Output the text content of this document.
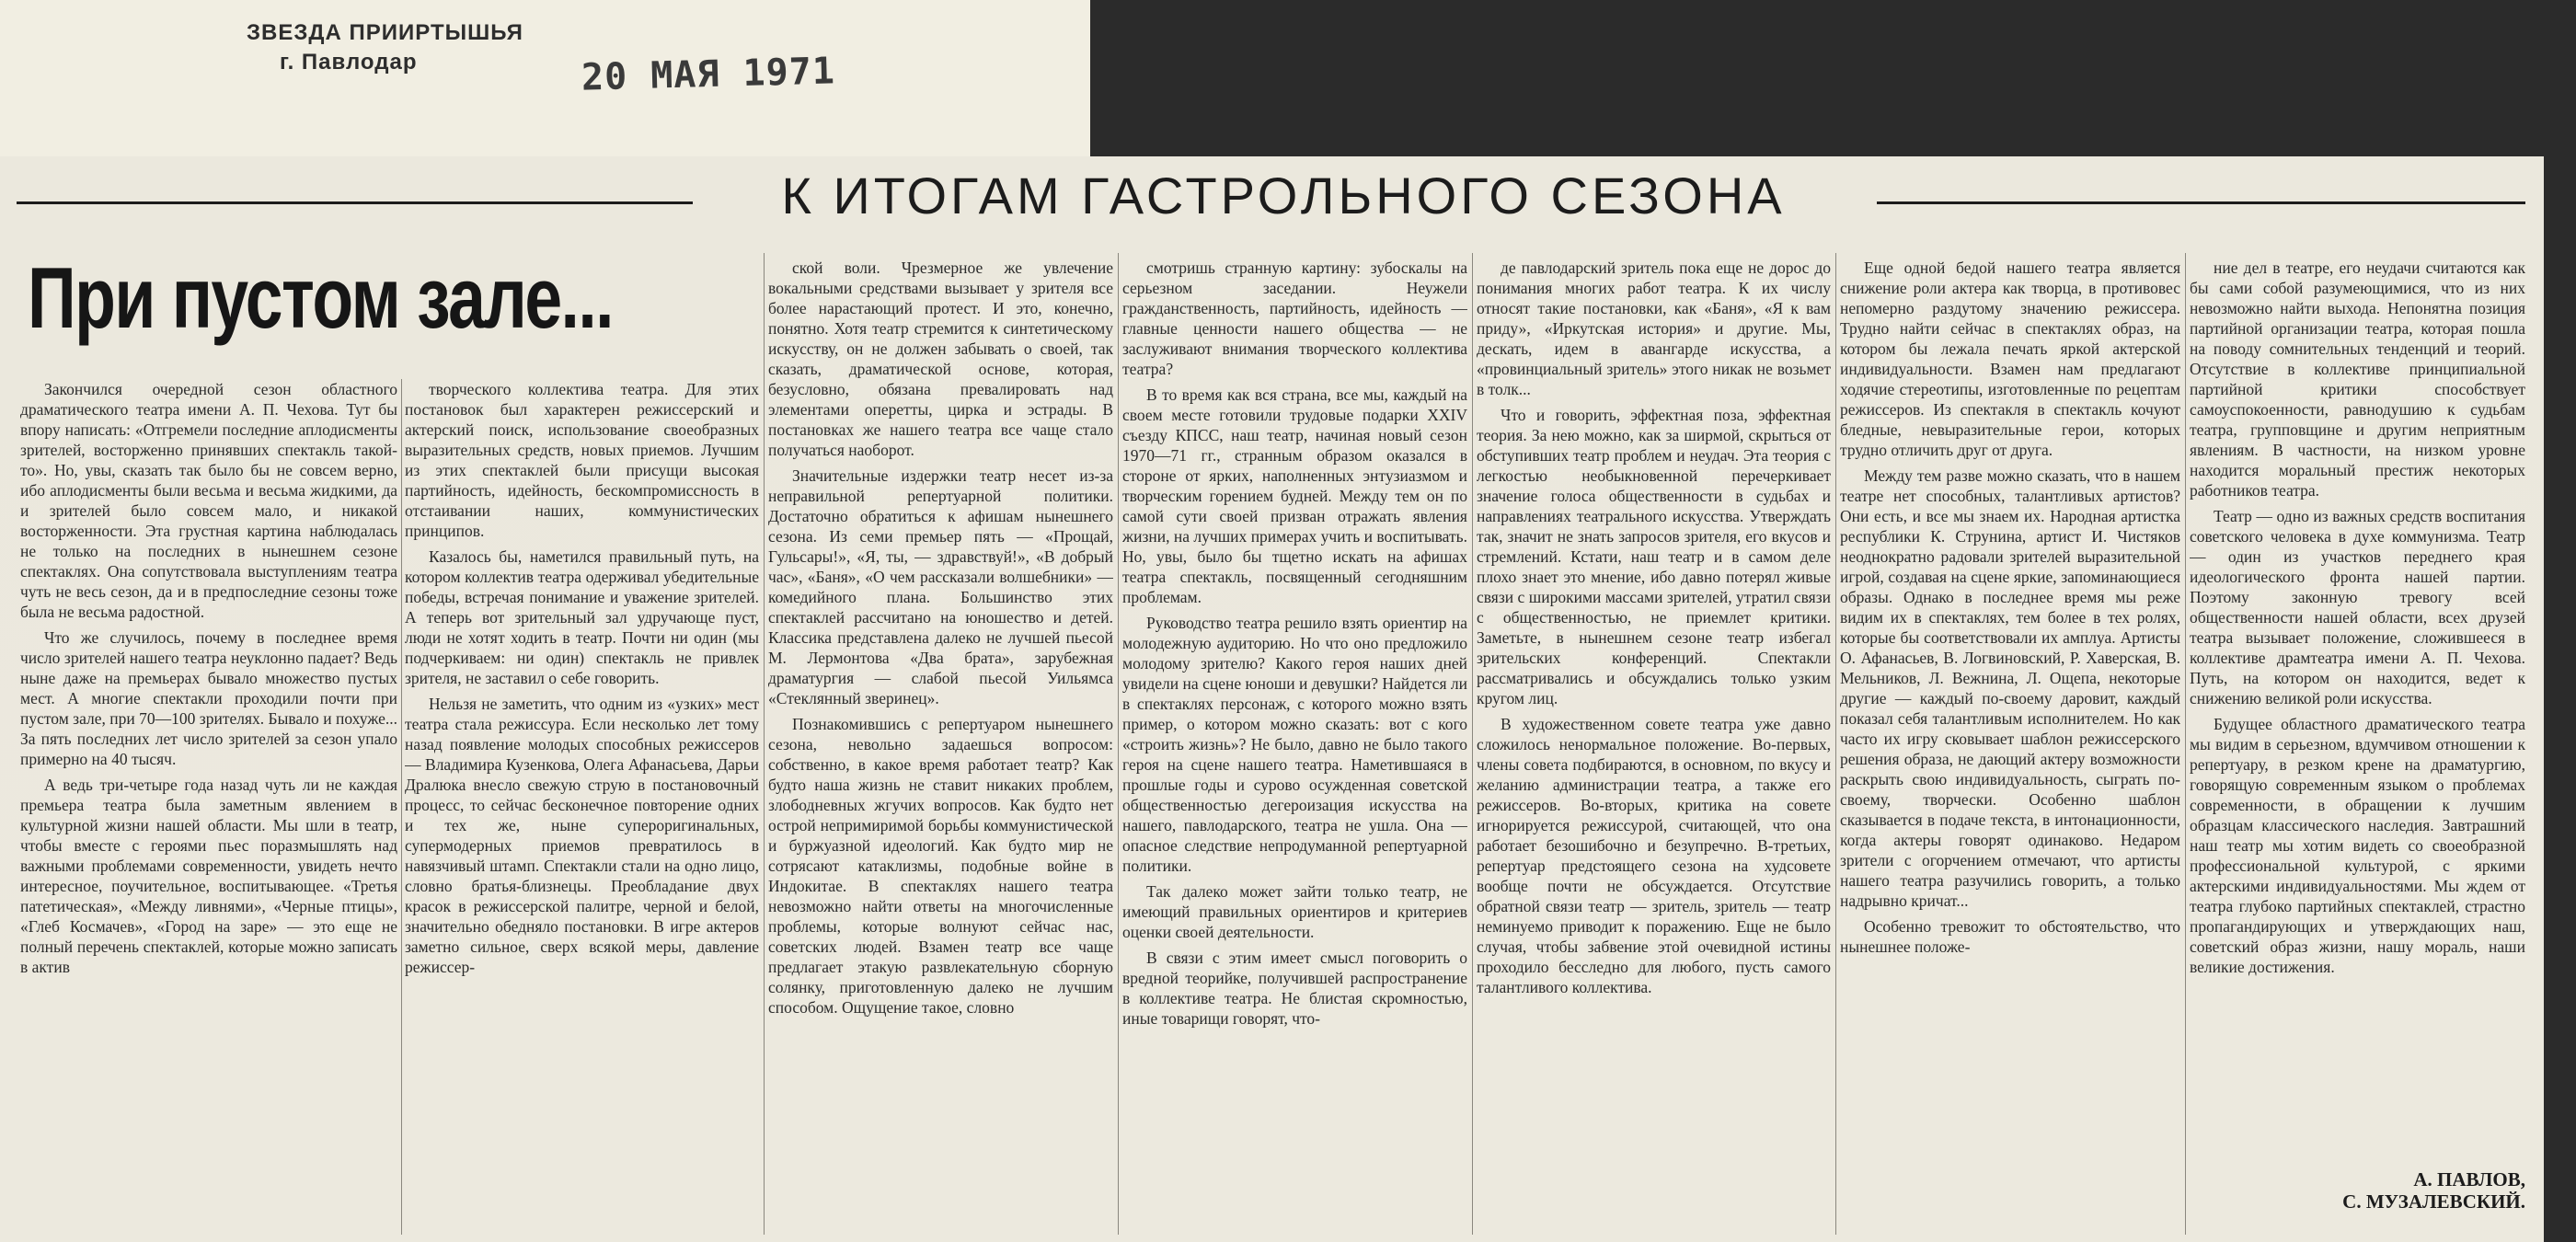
ЗВЕЗДА ПРИИРТЫШЬЯ
г. Павлодар	20 МАЯ 1971
К ИТОГАМ ГАСТРОЛЬНОГО СЕЗОНА
При пустом зале...

Закончился очередной сезон областного драматического театра имени А. П. Чехова. Тут бы впору написать: «Отгремели последние аплодисменты зрителей, восторженно принявших спектакль такой-то». Но, увы, сказать так было бы не совсем верно, ибо аплодисменты были весьма и весьма жидкими, да и зрителей было совсем мало, и никакой восторженности. Эта грустная картина наблюдалась не только на последних в нынешнем сезоне спектаклях. Она сопутствовала выступлениям театра чуть не весь сезон, да и в предпоследние сезоны тоже была не весьма радостной.

Что же случилось, почему в последнее время число зрителей нашего театра неуклонно падает? Ведь ныне даже на премьерах бывало множество пустых мест. А многие спектакли проходили почти при пустом зале, при 70—100 зрителях. Бывало и похуже... За пять последних лет число зрителей за сезон упало примерно на 40 тысяч.

А ведь три-четыре года назад чуть ли не каждая премьера театра была заметным явлением в культурной жизни нашей области. Мы шли в театр, чтобы вместе с героями пьес поразмышлять над важными проблемами современности, увидеть нечто интересное, поучительное, воспитывающее. «Третья патетическая», «Между ливнями», «Черные птицы», «Глеб Космачев», «Город на заре» — это еще не полный перечень спектаклей, которые можно записать в актив

творческого коллектива театра. Для этих постановок был характерен режиссерский и актерский поиск, использование своеобразных выразительных средств, новых приемов. Лучшим из этих спектаклей были присущи высокая партийность, идейность, бескомпромиссность в отстаивании наших, коммунистических принципов.

Казалось бы, наметился правильный путь, на котором коллектив театра одерживал убедительные победы, встречая понимание и уважение зрителей. А теперь вот зрительный зал удручающе пуст, люди не хотят ходить в театр. Почти ни один (мы подчеркиваем: ни один) спектакль не привлек зрителя, не заставил о себе говорить.

Нельзя не заметить, что одним из «узких» мест театра стала режиссура. Если несколько лет тому назад появление молодых способных режиссеров — Владимира Кузенкова, Олега Афанасьева, Дарьи Дралюка внесло свежую струю в постановочный процесс, то сейчас бесконечное повторение одних и тех же, ныне супероригинальных, супермодерных приемов превратилось в навязчивый штамп. Спектакли стали на одно лицо, словно братья-близнецы. Преобладание двух красок в режиссерской палитре, черной и белой, значительно обедняло постановки. В игре актеров заметно сильное, сверх всякой меры, давление режиссер-

ской воли. Чрезмерное же увлечение вокальными средствами вызывает у зрителя все более нарастающий протест. И это, конечно, понятно. Хотя театр стремится к синтетическому искусству, он не должен забывать о своей, так сказать, драматической основе, которая, безусловно, обязана превалировать над элементами оперетты, цирка и эстрады. В постановках же нашего театра все чаще стало получаться наоборот.

Значительные издержки театр несет из-за неправильной репертуарной политики. Достаточно обратиться к афишам нынешнего сезона. Из семи премьер пять — «Прощай, Гульсары!», «Я, ты, — здравствуй!», «В добрый час», «Баня», «О чем рассказали волшебники» — комедийного плана. Большинство этих спектаклей рассчитано на юношество и детей. Классика представлена далеко не лучшей пьесой М. Лермонтова «Два брата», зарубежная драматургия — слабой пьесой Уильямса «Стеклянный зверинец».

Познакомившись с репертуаром нынешнего сезона, невольно задаешься вопросом: собственно, в какое время работает театр? Как будто наша жизнь не ставит никаких проблем, злободневных жгучих вопросов. Как будто нет острой непримиримой борьбы коммунистической и буржуазной идеологий. Как будто мир не сотрясают катаклизмы, подобные войне в Индокитае. В спектаклях нашего театра невозможно найти ответы на многочисленные проблемы, которые волнуют сейчас нас, советских людей. Взамен театр все чаще предлагает этакую развлекательную сборную солянку, приготовленную далеко не лучшим способом. Ощущение такое, словно

смотришь странную картину: зубоскалы на серьезном заседании. Неужели гражданственность, партийность, идейность — главные ценности нашего общества — не заслуживают внимания творческого коллектива театра?

В то время как вся страна, все мы, каждый на своем месте готовили трудовые подарки XXIV съезду КПСС, наш театр, начиная новый сезон 1970—71 гг., странным образом оказался в стороне от ярких, наполненных энтузиазмом и творческим горением будней. Между тем он по самой сути своей призван отражать явления жизни, на лучших примерах учить и воспитывать. Но, увы, было бы тщетно искать на афишах театра спектакль, посвященный сегодняшним проблемам.

Руководство театра решило взять ориентир на молодежную аудиторию. Но что оно предложило молодому зрителю? Какого героя наших дней увидели на сцене юноши и девушки? Найдется ли в спектаклях персонаж, с которого можно взять пример, о котором можно сказать: вот с кого «строить жизнь»? Не было, давно не было такого героя на сцене нашего театра. Наметившаяся в прошлые годы и сурово осужденная советской общественностью дегероизация искусства на нашего, павлодарского, театра не ушла. Она — опасное следствие непродуманной репертуарной политики.

Так далеко может зайти только театр, не имеющий правильных ориентиров и критериев оценки своей деятельности.

В связи с этим имеет смысл поговорить о вредной теорийке, получившей распространение в коллективе театра. Не блистая скромностью, иные товарищи говорят, что-

де павлодарский зритель пока еще не дорос до понимания многих работ театра. К их числу относят такие постановки, как «Баня», «Я к вам приду», «Иркутская история» и другие. Мы, дескать, идем в авангарде искусства, а «провинциальный зритель» этого никак не возьмет в толк...

Что и говорить, эффектная поза, эффектная теория. За нею можно, как за ширмой, скрыться от обступивших театр проблем и неудач. Эта теория с легкостью необыкновенной перечеркивает значение голоса общественности в судьбах и направлениях театрального искусства. Утверждать так, значит не знать запросов зрителя, его вкусов и стремлений. Кстати, наш театр и в самом деле плохо знает это мнение, ибо давно потерял живые связи с широкими массами зрителей, утратил связи с общественностью, не приемлет критики. Заметьте, в нынешнем сезоне театр избегал зрительских конференций. Спектакли рассматривались и обсуждались только узким кругом лиц.

В художественном совете театра уже давно сложилось ненормальное положение. Во-первых, члены совета подбираются, в основном, по вкусу и желанию администрации театра, а также его режиссеров. Во-вторых, критика на совете игнорируется режиссурой, считающей, что она работает безошибочно и безупречно. В-третьих, репертуар предстоящего сезона на худсовете вообще почти не обсуждается. Отсутствие обратной связи театр — зритель, зритель — театр неминуемо приводит к поражению. Еще не было случая, чтобы забвение этой очевидной истины проходило бесследно для любого, пусть самого талантливого коллектива.

Еще одной бедой нашего театра является снижение роли актера как творца, в противовес непомерно раздутому значению режиссера. Трудно найти сейчас в спектаклях образ, на котором бы лежала печать яркой актерской индивидуальности. Взамен нам предлагают ходячие стереотипы, изготовленные по рецептам режиссеров. Из спектакля в спектакль кочуют бледные, невыразительные герои, которых трудно отличить друг от друга.

Между тем разве можно сказать, что в нашем театре нет способных, талантливых артистов? Они есть, и все мы знаем их. Народная артистка республики К. Струнина, артист И. Чистяков неоднократно радовали зрителей выразительной игрой, создавая на сцене яркие, запоминающиеся образы. Однако в последнее время мы реже видим их в спектаклях, тем более в тех ролях, которые бы соответствовали их амплуа. Артисты О. Афанасьев, В. Логвиновский, Р. Хаверская, В. Мельников, Л. Вежнина, Л. Ощепа, некоторые другие — каждый по-своему даровит, каждый показал себя талантливым исполнителем. Но как часто их игру сковывает шаблон режиссерского решения образа, не дающий актеру возможности раскрыть свою индивидуальность, сыграть по-своему, творчески. Особенно шаблон сказывается в подаче текста, в интонационности, когда актеры говорят одинаково. Недаром зрители с огорчением отмечают, что артисты нашего театра разучились говорить, а только надрывно кричат...

Особенно тревожит то обстоятельство, что нынешнее положе-

ние дел в театре, его неудачи считаются как бы сами собой разумеющимися, что из них невозможно найти выхода. Непонятна позиция партийной организации театра, которая пошла на поводу сомнительных тенденций и теорий. Отсутствие в коллективе принципиальной партийной критики способствует самоуспокоенности, равнодушию к судьбам театра, групповщине и другим неприятным явлениям. В частности, на низком уровне находится моральный престиж некоторых работников театра.

Театр — одно из важных средств воспитания советского человека в духе коммунизма. Театр — один из участков переднего края идеологического фронта нашей партии. Поэтому законную тревогу всей общественности нашей области, всех друзей театра вызывает положение, сложившееся в коллективе драмтеатра имени А. П. Чехова. Путь, на котором он находится, ведет к снижению великой роли искусства.

Будущее областного драматического театра мы видим в серьезном, вдумчивом отношении к репертуару, в резком крене на драматургию, говорящую современным языком о проблемах современности, в обращении к лучшим образцам классического наследия. Завтрашний наш театр мы хотим видеть со своеобразной профессиональной культурой, с яркими актерскими индивидуальностями. Мы ждем от театра глубоко партийных спектаклей, страстно пропагандирующих и утверждающих наш, советский образ жизни, нашу мораль, наши великие достижения.

А. ПАВЛОВ,
С. МУЗАЛЕВСКИЙ.
